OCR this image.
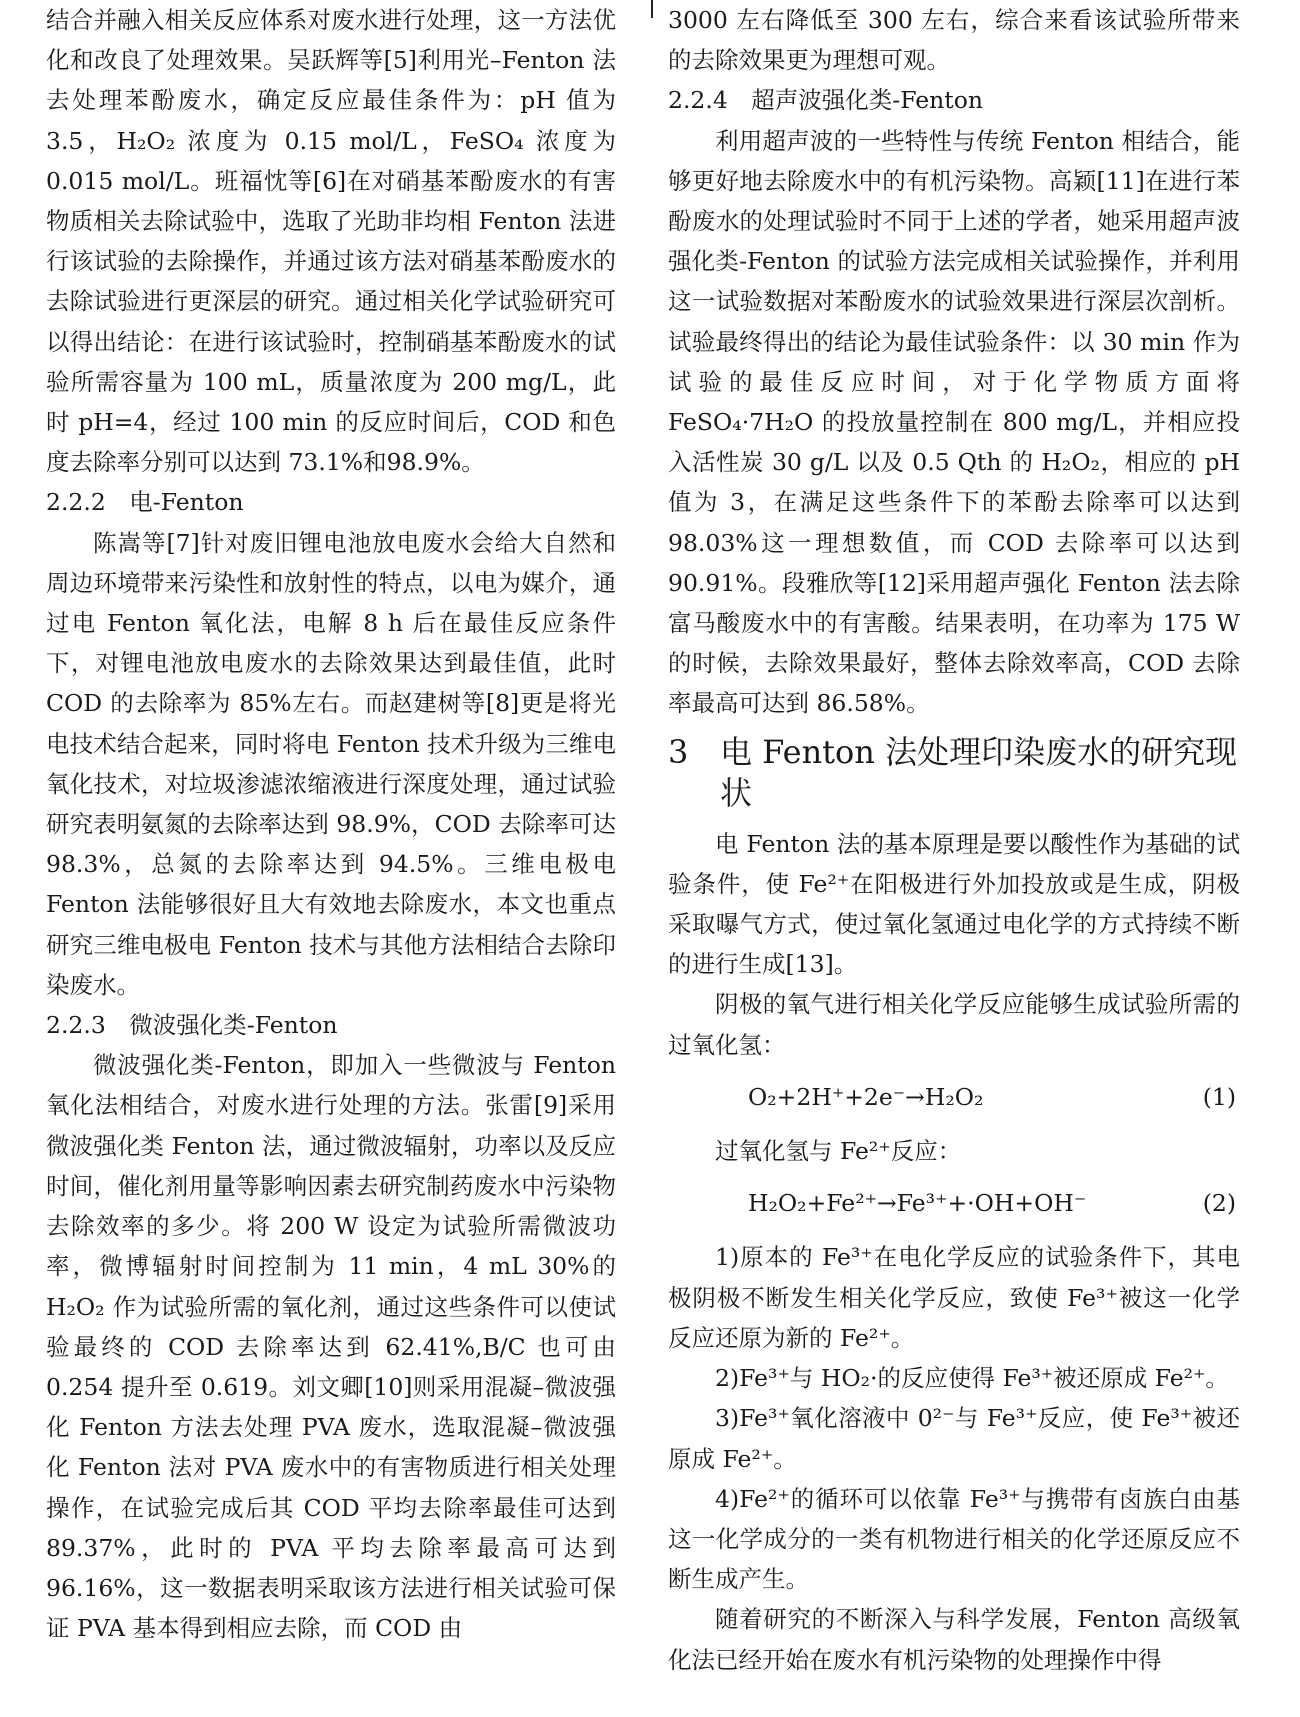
结合并融入相关反应体系对废水进行处理，这一方法优化和改良了处理效果。吴跃辉等[5]利用光–Fenton 法去处理苯酚废水，确定反应最佳条件为：pH 值为 3.5，H₂O₂ 浓度为 0.15 mol/L，FeSO₄ 浓度为 0.015 mol/L。班福忱等[6]在对硝基苯酚废水的有害物质相关去除试验中，选取了光助非均相 Fenton 法进行该试验的去除操作，并通过该方法对硝基苯酚废水的去除试验进行更深层的研究。通过相关化学试验研究可以得出结论：在进行该试验时，控制硝基苯酚废水的试验所需容量为 100 mL，质量浓度为 200 mg/L，此时 pH=4，经过 100 min 的反应时间后，COD 和色度去除率分别可以达到 73.1%和98.9%。

2.2.2　电-Fenton

陈嵩等[7]针对废旧锂电池放电废水会给大自然和周边环境带来污染性和放射性的特点，以电为媒介，通过电 Fenton 氧化法，电解 8 h 后在最佳反应条件下，对锂电池放电废水的去除效果达到最佳值，此时 COD 的去除率为 85%左右。而赵建树等[8]更是将光电技术结合起来，同时将电 Fenton 技术升级为三维电氧化技术，对垃圾渗滤浓缩液进行深度处理，通过试验研究表明氨氮的去除率达到 98.9%，COD 去除率可达 98.3%，总氮的去除率达到 94.5%。三维电极电 Fenton 法能够很好且大有效地去除废水，本文也重点研究三维电极电 Fenton 技术与其他方法相结合去除印染废水。

2.2.3　微波强化类-Fenton

微波强化类-Fenton，即加入一些微波与 Fenton 氧化法相结合，对废水进行处理的方法。张雷[9]采用微波强化类 Fenton 法，通过微波辐射，功率以及反应时间，催化剂用量等影响因素去研究制药废水中污染物去除效率的多少。将 200 W 设定为试验所需微波功率，微博辐射时间控制为 11 min，4 mL 30%的 H₂O₂ 作为试验所需的氧化剂，通过这些条件可以使试验最终的 COD 去除率达到 62.41%,B/C 也可由 0.254 提升至 0.619。刘文卿[10]则采用混凝–微波强化 Fenton 方法去处理 PVA 废水，选取混凝–微波强化 Fenton 法对 PVA 废水中的有害物质进行相关处理操作，在试验完成后其 COD 平均去除率最佳可达到 89.37%，此时的 PVA 平均去除率最高可达到 96.16%，这一数据表明采取该方法进行相关试验可保证 PVA 基本得到相应去除，而 COD 由

3000 左右降低至 300 左右，综合来看该试验所带来的去除效果更为理想可观。

2.2.4　超声波强化类-Fenton

利用超声波的一些特性与传统 Fenton 相结合，能够更好地去除废水中的有机污染物。高颖[11]在进行苯酚废水的处理试验时不同于上述的学者，她采用超声波强化类-Fenton 的试验方法完成相关试验操作，并利用这一试验数据对苯酚废水的试验效果进行深层次剖析。试验最终得出的结论为最佳试验条件：以 30 min 作为试验的最佳反应时间，对于化学物质方面将 FeSO₄·7H₂O 的投放量控制在 800 mg/L，并相应投入活性炭 30 g/L 以及 0.5 Qth 的 H₂O₂，相应的 pH 值为 3，在满足这些条件下的苯酚去除率可以达到 98.03%这一理想数值，而 COD 去除率可以达到 90.91%。段雅欣等[12]采用超声强化 Fenton 法去除富马酸废水中的有害酸。结果表明，在功率为 175 W 的时候，去除效果最好，整体去除效率高，COD 去除率最高可达到 86.58%。

3 电 Fenton 法处理印染废水的研究现状

电 Fenton 法的基本原理是要以酸性作为基础的试验条件，使 Fe²⁺在阳极进行外加投放或是生成，阴极采取曝气方式，使过氧化氢通过电化学的方式持续不断的进行生成[13]。

阴极的氧气进行相关化学反应能够生成试验所需的过氧化氢：

O₂+2H⁺+2e⁻→H₂O₂	(1)

过氧化氢与 Fe²⁺反应：

H₂O₂+Fe²⁺→Fe³⁺+·OH+OH⁻	(2)

1)原本的 Fe³⁺在电化学反应的试验条件下，其电极阴极不断发生相关化学反应，致使 Fe³⁺被这一化学反应还原为新的 Fe²⁺。

2)Fe³⁺与 HO₂·的反应使得 Fe³⁺被还原成 Fe²⁺。

3)Fe³⁺氧化溶液中 0²⁻与 Fe³⁺反应，使 Fe³⁺被还原成 Fe²⁺。

4)Fe²⁺的循环可以依靠 Fe³⁺与携带有卤族白由基这一化学成分的一类有机物进行相关的化学还原反应不断生成产生。

随着研究的不断深入与科学发展，Fenton 高级氧化法已经开始在废水有机污染物的处理操作中得
